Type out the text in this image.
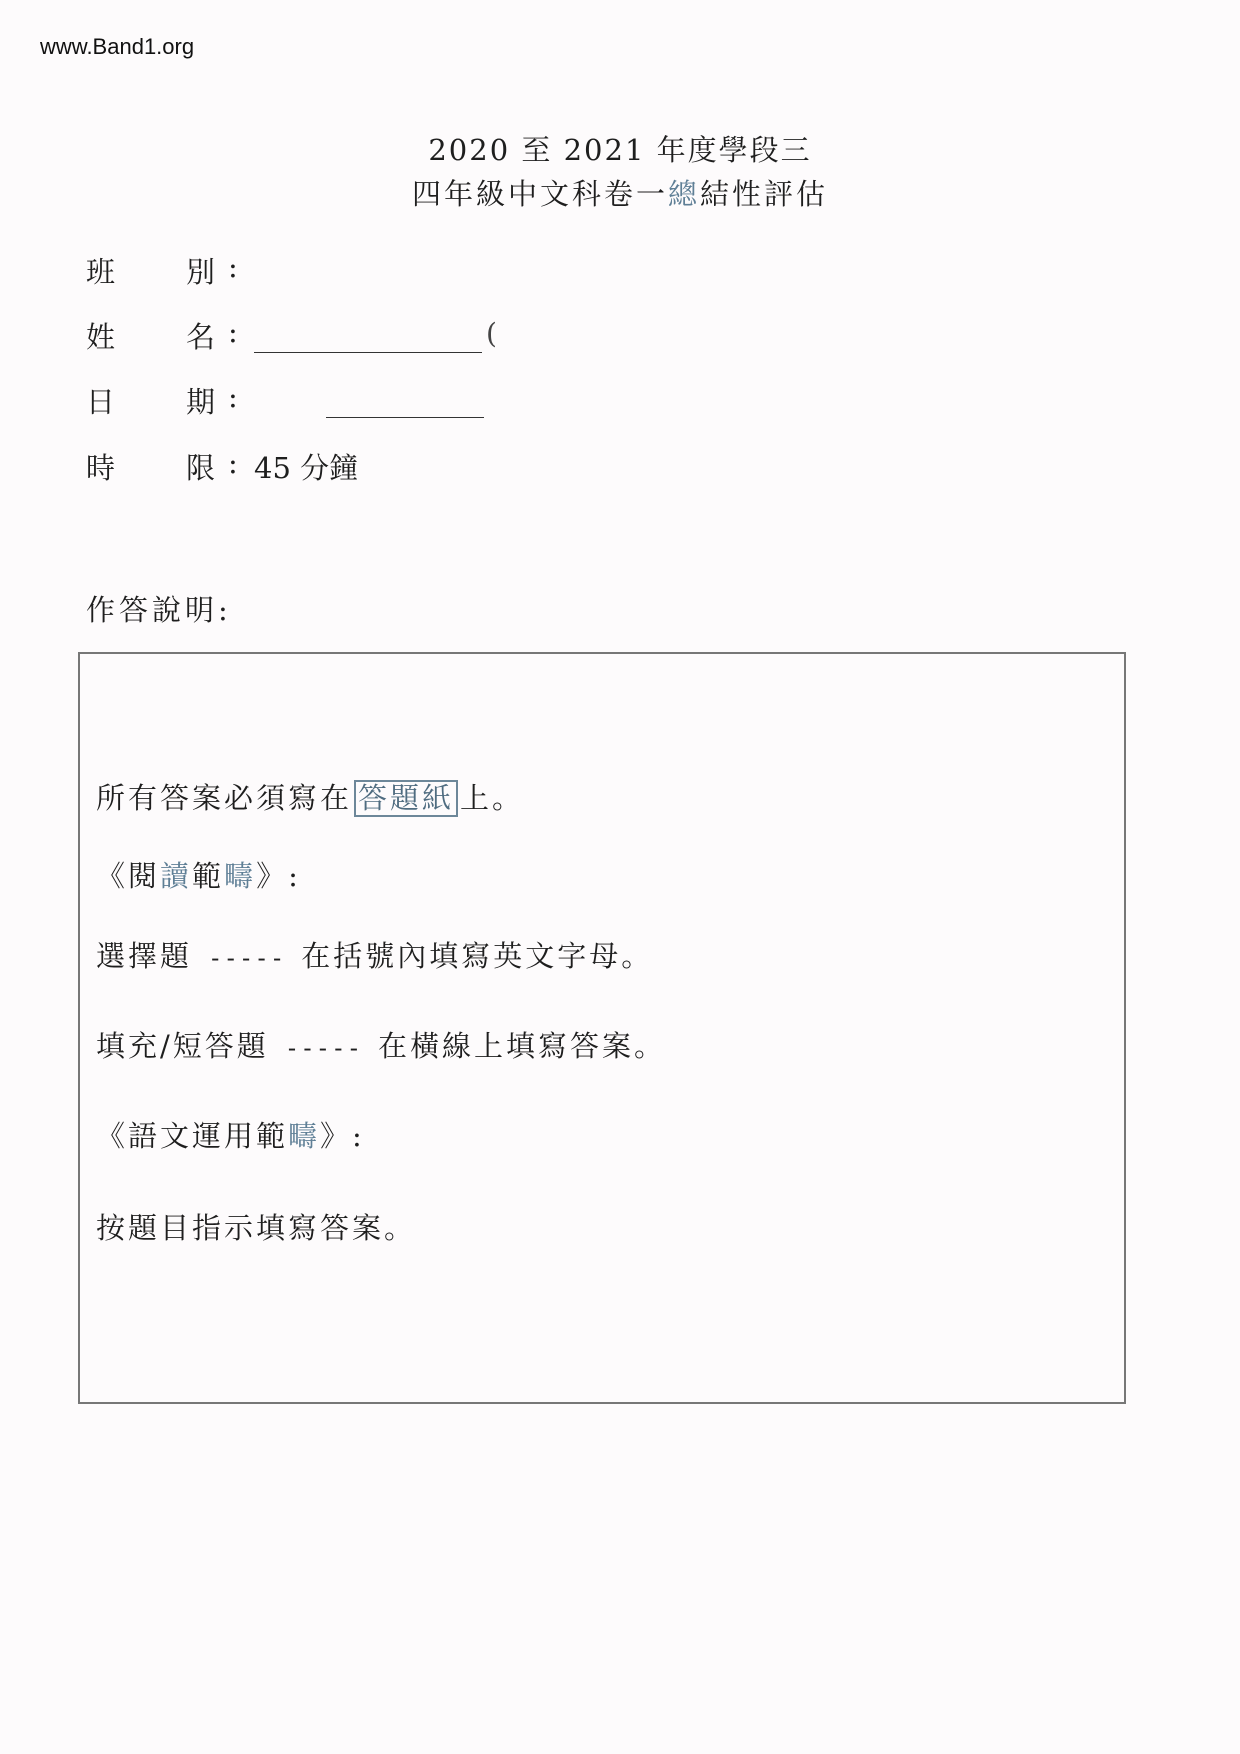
www.Band1.org
2020 至 2021 年度學段三
四年級中文科卷一總結性評估
班 別 :
姓 名 :	(
日 期 :
時 限 : 45 分鐘
作答說明:
所有答案必須寫在 答題紙 上。
《閱讀範疇》:
選擇題 ----- 在括號內填寫英文字母。
填充/短答題 ----- 在橫線上填寫答案。
《語文運用範疇》:
按題目指示填寫答案。
